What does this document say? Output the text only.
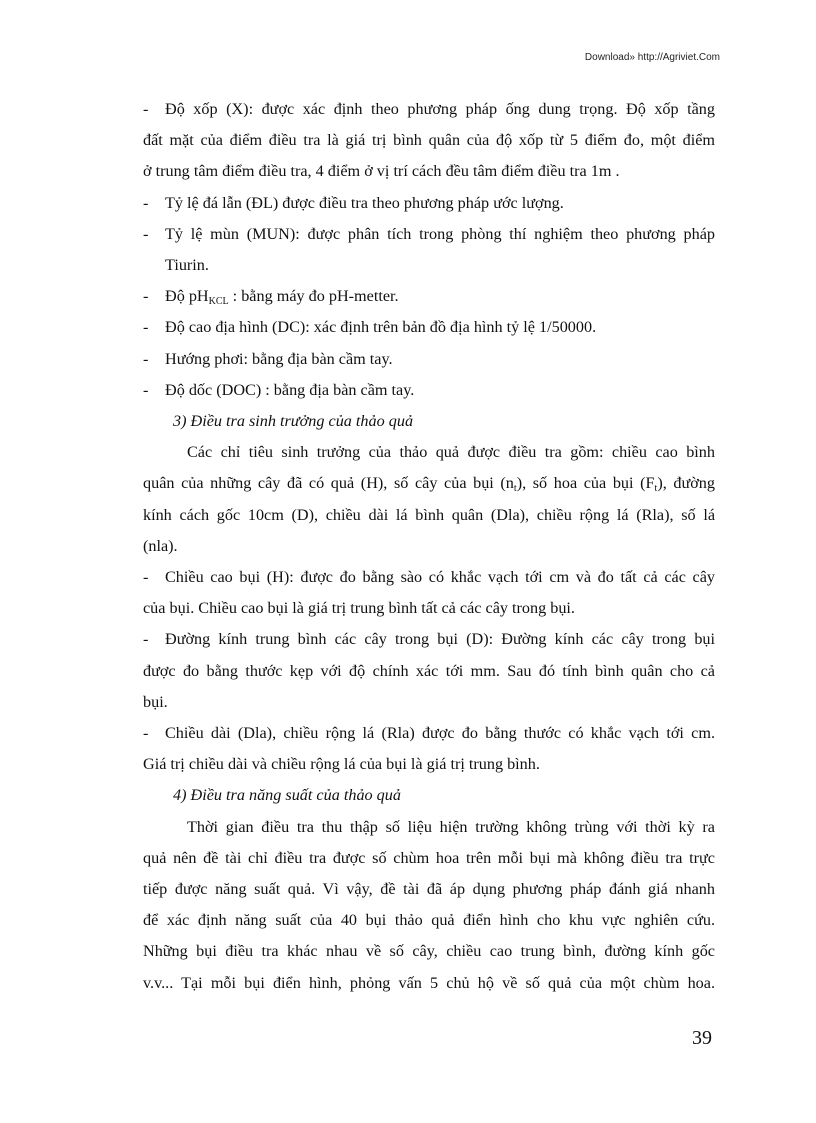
Download» http://Agriviet.Com
- Độ xốp (X): được xác định theo phương pháp ống dung trọng. Độ xốp tầng
đất mặt của điểm điều tra là giá trị bình quân của độ xốp từ 5 điểm đo, một điểm
ở trung tâm điểm điều tra, 4 điểm ở vị trí cách đều tâm điểm điều tra 1m .
- Tỷ lệ đá lẫn (ĐL) được điều tra theo phương pháp ước lượng.
- Tỷ lệ mùn (MUN): được phân tích trong phòng thí nghiệm theo phương pháp
Tiurin.
- Độ $pH_{KCL}$ : bằng máy đo pH-metter.
- Độ cao địa hình (DC): xác định trên bản đồ địa hình tỷ lệ 1/50000.
- Hướng phơi: bằng địa bàn cầm tay.
- Độ dốc (DOC) : bằng địa bàn cầm tay.
3) Điều tra sinh trưởng của thảo quả
Các chỉ tiêu sinh trưởng của thảo quả được điều tra gồm: chiều cao bình
quân của những cây đã có quả (H), số cây của bụi $(n_t)$, số hoa của bụi $(F_t)$, đường
kính cách gốc 10cm (D), chiều dài lá bình quân (Dla), chiều rộng lá (Rla), số lá
(nla).
- Chiều cao bụi (H): được đo bằng sào có khắc vạch tới cm và đo tất cả các cây
của bụi. Chiều cao bụi là giá trị trung bình tất cả các cây trong bụi.
- Đường kính trung bình các cây trong bụi (D): Đường kính các cây trong bụi
được đo bằng thước kẹp với độ chính xác tới mm. Sau đó tính bình quân cho cả
bụi.
- Chiều dài (Dla), chiều rộng lá (Rla) được đo bằng thước có khắc vạch tới cm.
Giá trị chiều dài và chiều rộng lá của bụi là giá trị trung bình.
4) Điều tra năng suất của thảo quả
Thời gian điều tra thu thập số liệu hiện trường không trùng với thời kỳ ra
quả nên đề tài chỉ điều tra được số chùm hoa trên mỗi bụi mà không điều tra trực
tiếp được năng suất quả. Vì vậy, đề tài đã áp dụng phương pháp đánh giá nhanh
để xác định năng suất của 40 bụi thảo quả điển hình cho khu vực nghiên cứu.
Những bụi điều tra khác nhau về số cây, chiều cao trung bình, đường kính gốc
v.v... Tại mỗi bụi điển hình, phỏng vấn 5 chủ hộ về số quả của một chùm hoa.
39
